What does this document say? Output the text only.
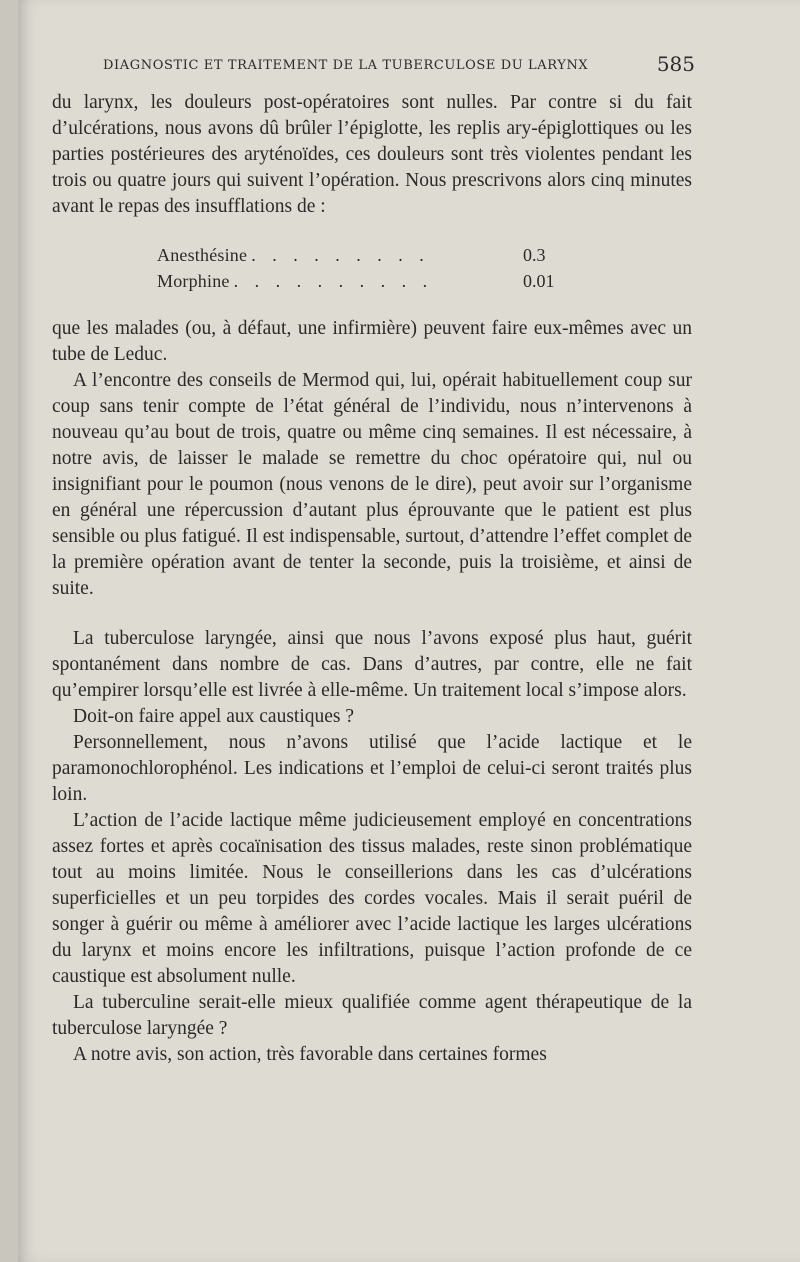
DIAGNOSTIC ET TRAITEMENT DE LA TUBERCULOSE DU LARYNX	585

du larynx, les douleurs post-opératoires sont nulles. Par contre si du fait d’ulcérations, nous avons dû brûler l’épiglotte, les replis ary-épiglottiques ou les parties postérieures des aryténoïdes, ces douleurs sont très violentes pendant les trois ou quatre jours qui suivent l’opération. Nous prescrivons alors cinq minutes avant le repas des insufflations de :

Anesthésine . . . . . . . . .	0.3
Morphine . . . . . . . . . .	0.01

que les malades (ou, à défaut, une infirmière) peuvent faire eux-mêmes avec un tube de Leduc.

A l’encontre des conseils de Mermod qui, lui, opérait habituellement coup sur coup sans tenir compte de l’état général de l’individu, nous n’intervenons à nouveau qu’au bout de trois, quatre ou même cinq semaines. Il est nécessaire, à notre avis, de laisser le malade se remettre du choc opératoire qui, nul ou insignifiant pour le poumon (nous venons de le dire), peut avoir sur l’organisme en général une répercussion d’autant plus éprouvante que le patient est plus sensible ou plus fatigué. Il est indispensable, surtout, d’attendre l’effet complet de la première opération avant de tenter la seconde, puis la troisième, et ainsi de suite.

La tuberculose laryngée, ainsi que nous l’avons exposé plus haut, guérit spontanément dans nombre de cas. Dans d’autres, par contre, elle ne fait qu’empirer lorsqu’elle est livrée à elle-même. Un traitement local s’impose alors.

Doit-on faire appel aux caustiques ?

Personnellement, nous n’avons utilisé que l’acide lactique et le paramonochlorophénol. Les indications et l’emploi de celui-ci seront traités plus loin.

L’action de l’acide lactique même judicieusement employé en concentrations assez fortes et après cocaïnisation des tissus malades, reste sinon problématique tout au moins limitée. Nous le conseillerions dans les cas d’ulcérations superficielles et un peu torpides des cordes vocales. Mais il serait puéril de songer à guérir ou même à améliorer avec l’acide lactique les larges ulcérations du larynx et moins encore les infiltrations, puisque l’action profonde de ce caustique est absolument nulle.

La tuberculine serait-elle mieux qualifiée comme agent thérapeutique de la tuberculose laryngée ?

A notre avis, son action, très favorable dans certaines formes
